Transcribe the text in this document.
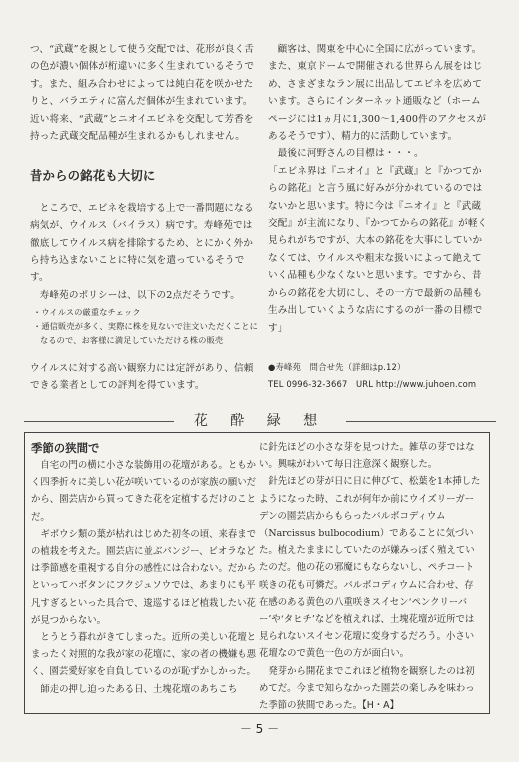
つ、“武蔵”を親として使う交配では、花形が良く舌の色が濃い個体が桁違いに多く生まれているそうです。また、組み合わせによっては純白花を咲かせたりと、バラエティに富んだ個体が生まれています。近い将来、“武蔵”とニオイエビネを交配して芳香を持った武蔵交配品種が生まれるかもしれません。

昔からの銘花も大切に

ところで、エビネを栽培する上で一番問題になる病気が、ウイルス（バイラス）病です。寿峰苑では徹底してウイルス病を排除するため、とにかく外から持ち込まないことに特に気を遣っているそうです。

寿峰苑のポリシーは、以下の2点だそうです。

・ウイルスの厳重なチェック
・通信販売が多く、実際に株を見ないで注文いただくことになるので、お客様に満足していただける株の販売

ウイルスに対する高い観察力には定評があり、信頼できる業者としての評判を得ています。

顧客は、関東を中心に全国に広がっています。また、東京ドームで開催される世界らん展をはじめ、さまざまなラン展に出品してエビネを広めています。さらにインターネット通販など（ホームページには1ヵ月に1,300～1,400件のアクセスがあるそうです）、精力的に活動しています。

最後に河野さんの目標は・・・。

「エビネ界は『ニオイ』と『武蔵』と『かつてからの銘花』と言う風に好みが分かれているのではないかと思います。特に今は『ニオイ』と『武蔵交配』が主流になり、『かつてからの銘花』が軽く見られがちですが、大本の銘花を大事にしていかなくては、ウイルスや粗末な扱いによって絶えていく品種も少なくないと思います。ですから、昔からの銘花を大切にし、その一方で最新の品種も生み出していくような店にするのが一番の目標です」

●寿峰苑　問合せ先（詳細はp.12）
TEL 0996-32-3667　URL http://www.juhoen.com
花 酔 緑 想
季節の狭間で

自宅の門の横に小さな装飾用の花壇がある。ともかく四季折々に美しい花が咲いているのが家族の願いだから、園芸店から買ってきた花を定植するだけのことだ。

ギボウシ類の葉が枯れはじめた初冬の頃、来春までの植栽を考えた。園芸店に並ぶパンジー、ビオラなどは季節感を重視する自分の感性には合わない。だからといってハボタンにフクジュソウでは、あまりにも平凡すぎるといった具合で、逡巡するほど植栽したい花が見つからない。

とうとう暮れがきてしまった。近所の美しい花壇とまったく対照的な我が家の花壇に、家の者の機嫌も悪く、園芸愛好家を自負しているのが恥ずかしかった。

師走の押し迫ったある日、土塊花壇のあちこち

に針先ほどの小さな芽を見つけた。雑草の芽ではない。興味がわいて毎日注意深く観察した。

針先ほどの芽が日に日に伸びて、松葉を1本挿したようになった時、これが何年か前にウイズリーガーデンの園芸店からもらったバルボコディウム（Narcissus bulbocodium）であることに気づいた。植えたままにしていたのが嫌みっぽく殖えていたのだ。他の花の邪魔にもならないし、ペチコート咲きの花も可憐だ。バルボコディウムに合わせ、存在感のある黄色の八重咲きスイセン‘ペンクリーバー’や‘タヒチ’などを植えれば、土塊花壇が近所では見られないスイセン花壇に変身するだろう。小さい花壇なので黄色一色の方が面白い。

発芽から開花までこれほど植物を観察したのは初めてだ。今まで知らなかった園芸の楽しみを味わった季節の狭間であった。【H・A】

－ 5 －
